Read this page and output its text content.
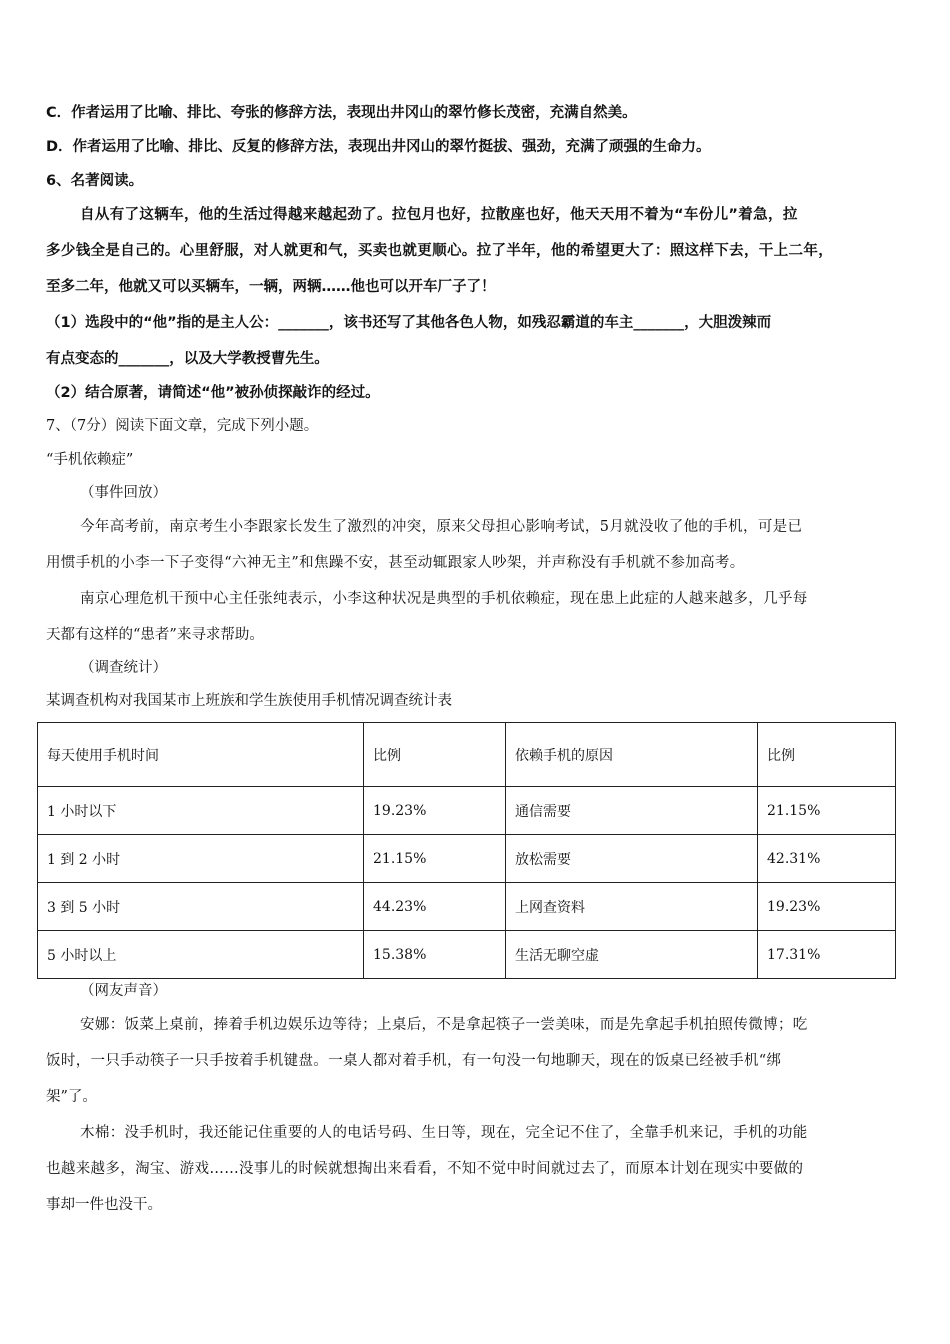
C．作者运用了比喻、排比、夸张的修辞方法，表现出井冈山的翠竹修长茂密，充满自然美。
D．作者运用了比喻、排比、反复的修辞方法，表现出井冈山的翠竹挺拔、强劲，充满了顽强的生命力。
6、名著阅读。
自从有了这辆车，他的生活过得越来越起劲了。拉包月也好，拉散座也好，他天天用不着为“车份儿”着急，拉
多少钱全是自己的。心里舒服，对人就更和气，买卖也就更顺心。拉了半年，他的希望更大了：照这样下去，干上二年，
至多二年，他就又可以买辆车，一辆，两辆……他也可以开车厂子了！
（1）选段中的“他”指的是主人公：_______，该书还写了其他各色人物，如残忍霸道的车主_______，大胆泼辣而
有点变态的_______，以及大学教授曹先生。
（2）结合原著，请简述“他”被孙侦探敲诈的经过。
7、（7分）阅读下面文章，完成下列小题。
“手机依赖症”
（事件回放）
今年高考前，南京考生小李跟家长发生了激烈的冲突，原来父母担心影响考试，5月就没收了他的手机，可是已
用惯手机的小李一下子变得“六神无主”和焦躁不安，甚至动辄跟家人吵架，并声称没有手机就不参加高考。
南京心理危机干预中心主任张纯表示，小李这种状况是典型的手机依赖症，现在患上此症的人越来越多，几乎每
天都有这样的“患者”来寻求帮助。
（调查统计）
某调查机构对我国某市上班族和学生族使用手机情况调查统计表
每天使用手机时间	比例	依赖手机的原因	比例
1 小时以下	19.23%	通信需要	21.15%
1 到 2 小时	21.15%	放松需要	42.31%
3 到 5 小时	44.23%	上网查资料	19.23%
5 小时以上	15.38%	生活无聊空虚	17.31%
（网友声音）
安娜：饭菜上桌前，捧着手机边娱乐边等待；上桌后，不是拿起筷子一尝美味，而是先拿起手机拍照传微博；吃
饭时，一只手动筷子一只手按着手机键盘。一桌人都对着手机，有一句没一句地聊天，现在的饭桌已经被手机“绑
架”了。
木棉：没手机时，我还能记住重要的人的电话号码、生日等，现在，完全记不住了，全靠手机来记，手机的功能
也越来越多，淘宝、游戏……没事儿的时候就想掏出来看看，不知不觉中时间就过去了，而原本计划在现实中要做的
事却一件也没干。
